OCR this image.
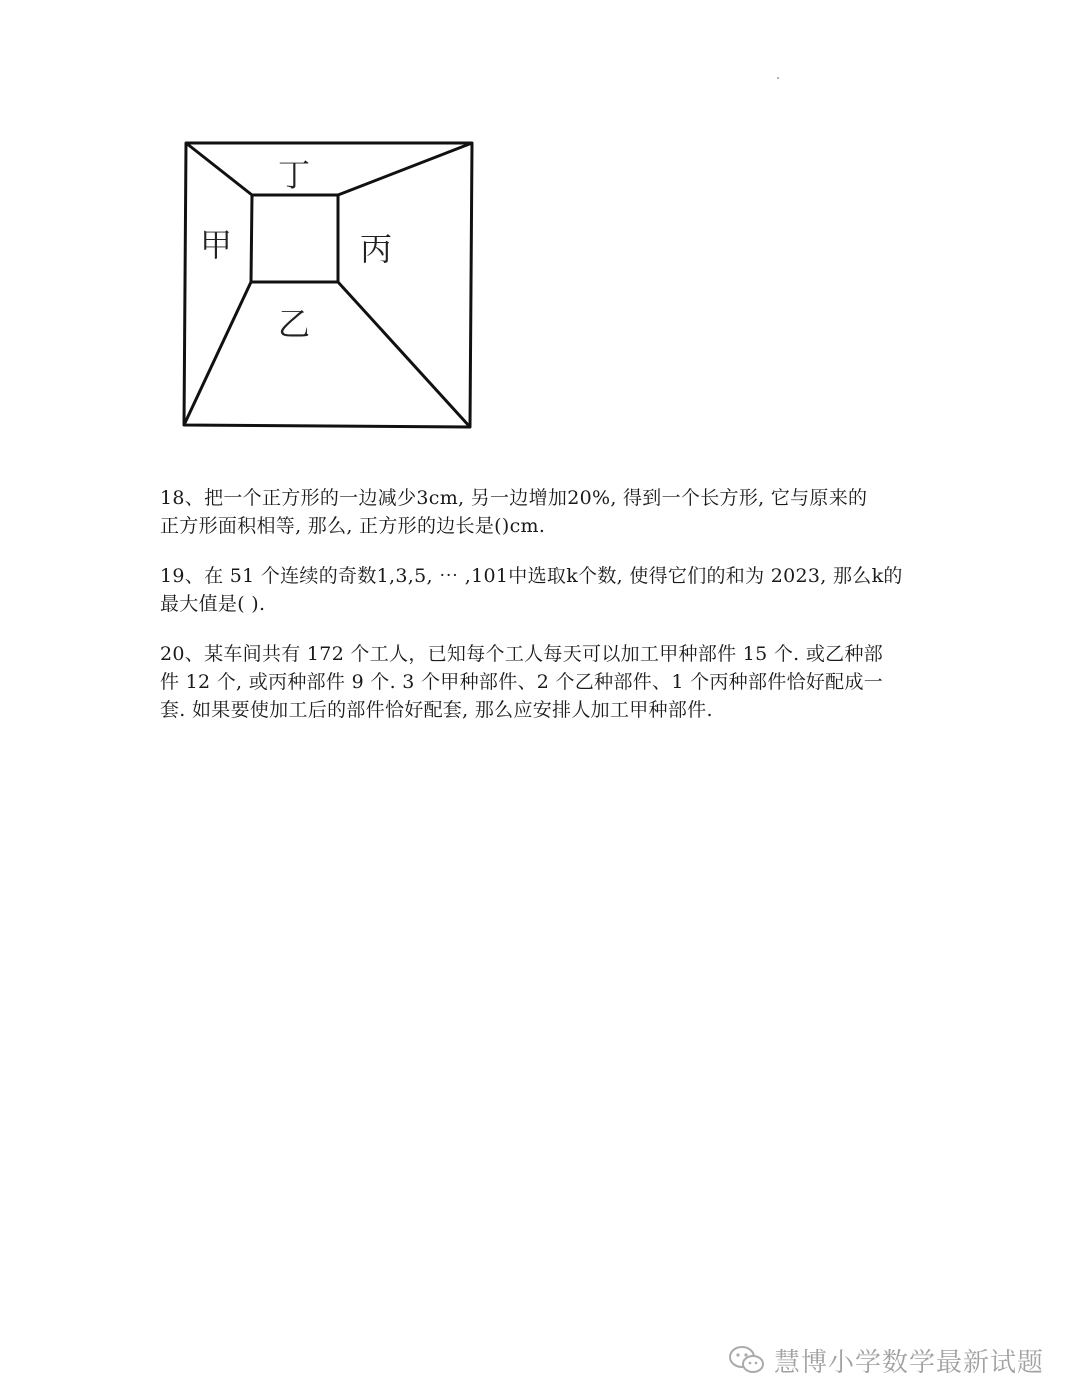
丁
甲	丙
乙

18、把一个正方形的一边减少3cm, 另一边增加20%, 得到一个长方形, 它与原来的

正方形面积相等, 那么, 正方形的边长是()cm.

19、在 51 个连续的奇数1,3,5, ⋯ ,101中选取k个数, 使得它们的和为 2023, 那么k的

最大值是( ).

20、某车间共有 172 个工人，已知每个工人每天可以加工甲种部件 15 个. 或乙种部

件 12 个, 或丙种部件 9 个. 3 个甲种部件、2 个乙种部件、1 个丙种部件恰好配成一

套. 如果要使加工后的部件恰好配套, 那么应安排人加工甲种部件.

慧博小学数学最新试题
